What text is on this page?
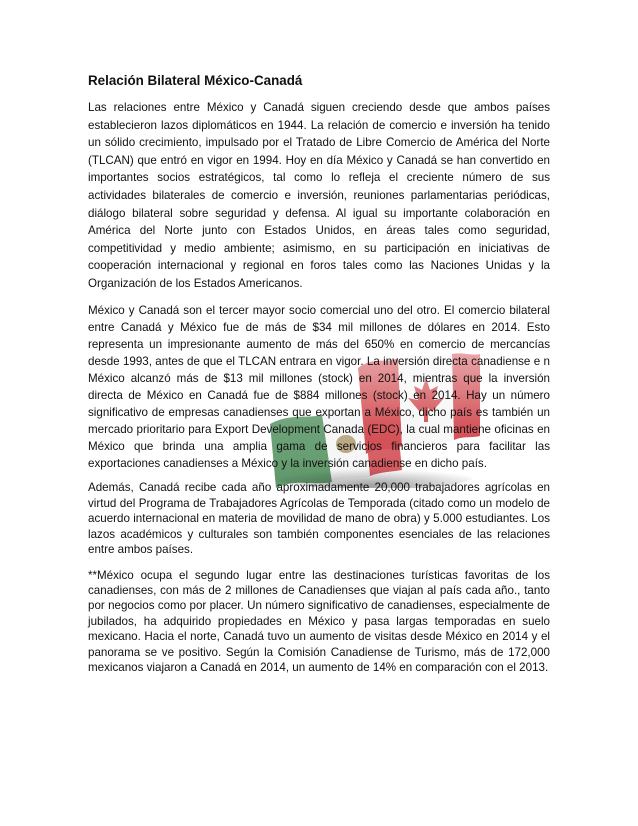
Relación Bilateral México-Canadá

Las relaciones entre México y Canadá siguen creciendo desde que ambos países establecieron lazos diplomáticos en 1944. La relación de comercio e inversión ha tenido un sólido crecimiento, impulsado por el Tratado de Libre Comercio de América del Norte (TLCAN) que entró en vigor en 1994. Hoy en día México y Canadá se han convertido en importantes socios estratégicos, tal como lo refleja el creciente número de sus actividades bilaterales de comercio e inversión, reuniones parlamentarias periódicas, diálogo bilateral sobre seguridad y defensa. Al igual su importante colaboración en América del Norte junto con Estados Unidos, en áreas tales como seguridad, competitividad y medio ambiente; asimismo, en su participación en iniciativas de cooperación internacional y regional en foros tales como las Naciones Unidas y la Organización de los Estados Americanos.

México y Canadá son el tercer mayor socio comercial uno del otro. El comercio bilateral entre Canadá y México fue de más de $34 mil millones de dólares en 2014. Esto representa un impresionante aumento de más del 650% en comercio de mercancías desde 1993, antes de que el TLCAN entrara en vigor. La inversión directa canadiense e n México alcanzó más de $13 mil millones (stock) en 2014, mientras que la inversión directa de México en Canadá fue de $884 millones (stock) en 2014. Hay un número significativo de empresas canadienses que exportan a México, dicho país es también un mercado prioritario para Export Development Canada (EDC), la cual mantiene oficinas en México que brinda una amplia gama de servicios financieros para facilitar las exportaciones canadienses a México y la inversión canadiense en dicho país.

Además, Canadá recibe cada año aproximadamente 20,000 trabajadores agrícolas en virtud del Programa de Trabajadores Agrícolas de Temporada (citado como un modelo de acuerdo internacional en materia de movilidad de mano de obra) y 5.000 estudiantes. Los lazos académicos y culturales son también componentes esenciales de las relaciones entre ambos países.

**México ocupa el segundo lugar entre las destinaciones turísticas favoritas de los canadienses, con más de 2 millones de Canadienses que viajan al país cada año., tanto por negocios como por placer. Un número significativo de canadienses, especialmente de jubilados, ha adquirido propiedades en México y pasa largas temporadas en suelo mexicano. Hacia el norte, Canadá tuvo un aumento de visitas desde México en 2014 y el panorama se ve positivo. Según la Comisión Canadiense de Turismo, más de 172,000 mexicanos viajaron a Canadá en 2014, un aumento de 14% en comparación con el 2013.
